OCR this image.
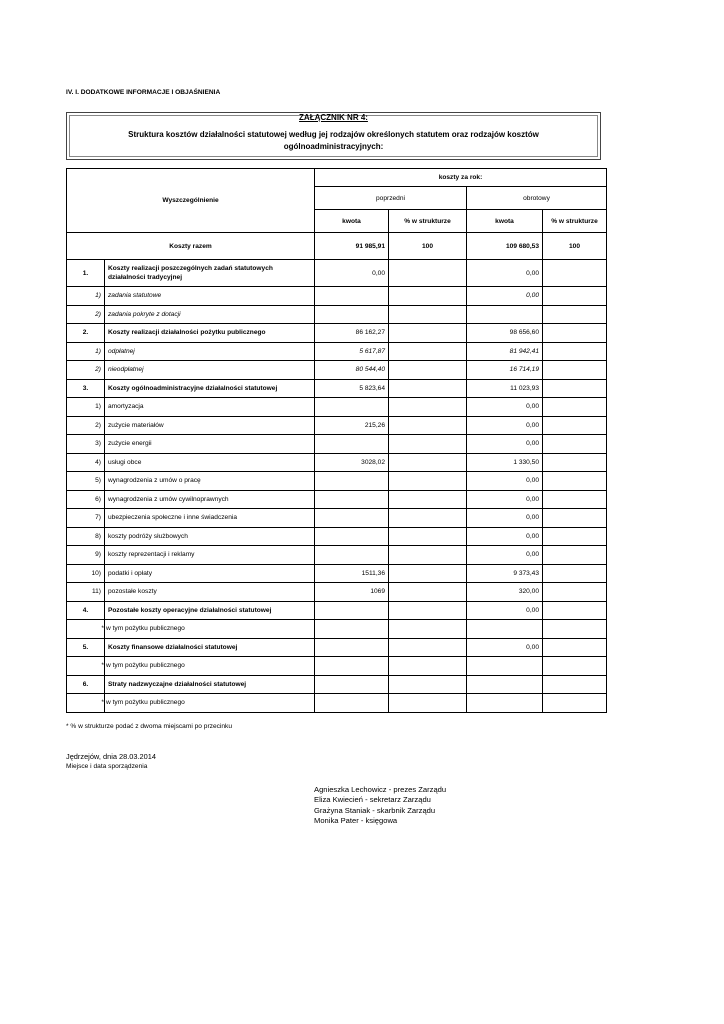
IV. I. DODATKOWE INFORMACJE I OBJAŚNIENIA
ZAŁĄCZNIK NR 4:
Struktura kosztów działalności statutowej według jej rodzajów określonych statutem oraz rodzajów kosztów ogólnoadministracyjnych:
Wyszczególnienie		koszty za rok:			
		poprzedni		obrotowy	
		kwota	% w strukturze	kwota	% w strukturze
Koszty razem		91 985,91	100	109 680,53	100
1.	Koszty realizacji poszczególnych zadań statutowych działalności tradycyjnej	0,00		0,00	
1)	zadania statutowe			0,00	
2)	zadania pokryte z dotacji				
2.	Koszty realizacji działalności pożytku publicznego	86 162,27		98 656,60	
1)	odpłatnej	5 617,87		81 942,41	
2)	nieodpłatnej	80 544,40		16 714,19	
3.	Koszty ogólnoadministracyjne działalności statutowej	5 823,64		11 023,93	
1)	amortyzacja			0,00	
2)	zużycie materiałów	215,26		0,00	
3)	zużycie energii			0,00	
4)	usługi obce	3028,02		1 330,50	
5)	wynagrodzenia z umów o pracę			0,00	
6)	wynagrodzenia z umów cywilnoprawnych			0,00	
7)	ubezpieczenia społeczne i inne świadczenia			0,00	
8)	koszty podróży służbowych			0,00	
9)	koszty reprezentacji i reklamy			0,00	
10)	podatki i opłaty	1511,36		9 373,43	
11)	pozostałe koszty	1069		320,00	
4.	Pozostałe koszty operacyjne działalności statutowej			0,00	
*	w tym pożytku publicznego				
5.	Koszty finansowe działalności statutowej			0,00	
*	w tym pożytku publicznego				
6.	Straty nadzwyczajne działalności statutowej				
*	w tym pożytku publicznego				
* % w strukturze podać z dwoma miejscami po przecinku
Jędrzejów, dnia 28.03.2014
Miejsce i data sporządzenia
Agnieszka Lechowicz - prezes Zarządu
Eliza Kwiecień - sekretarz Zarządu
Grażyna Staniak - skarbnik Zarządu
Monika Pater - księgowa
